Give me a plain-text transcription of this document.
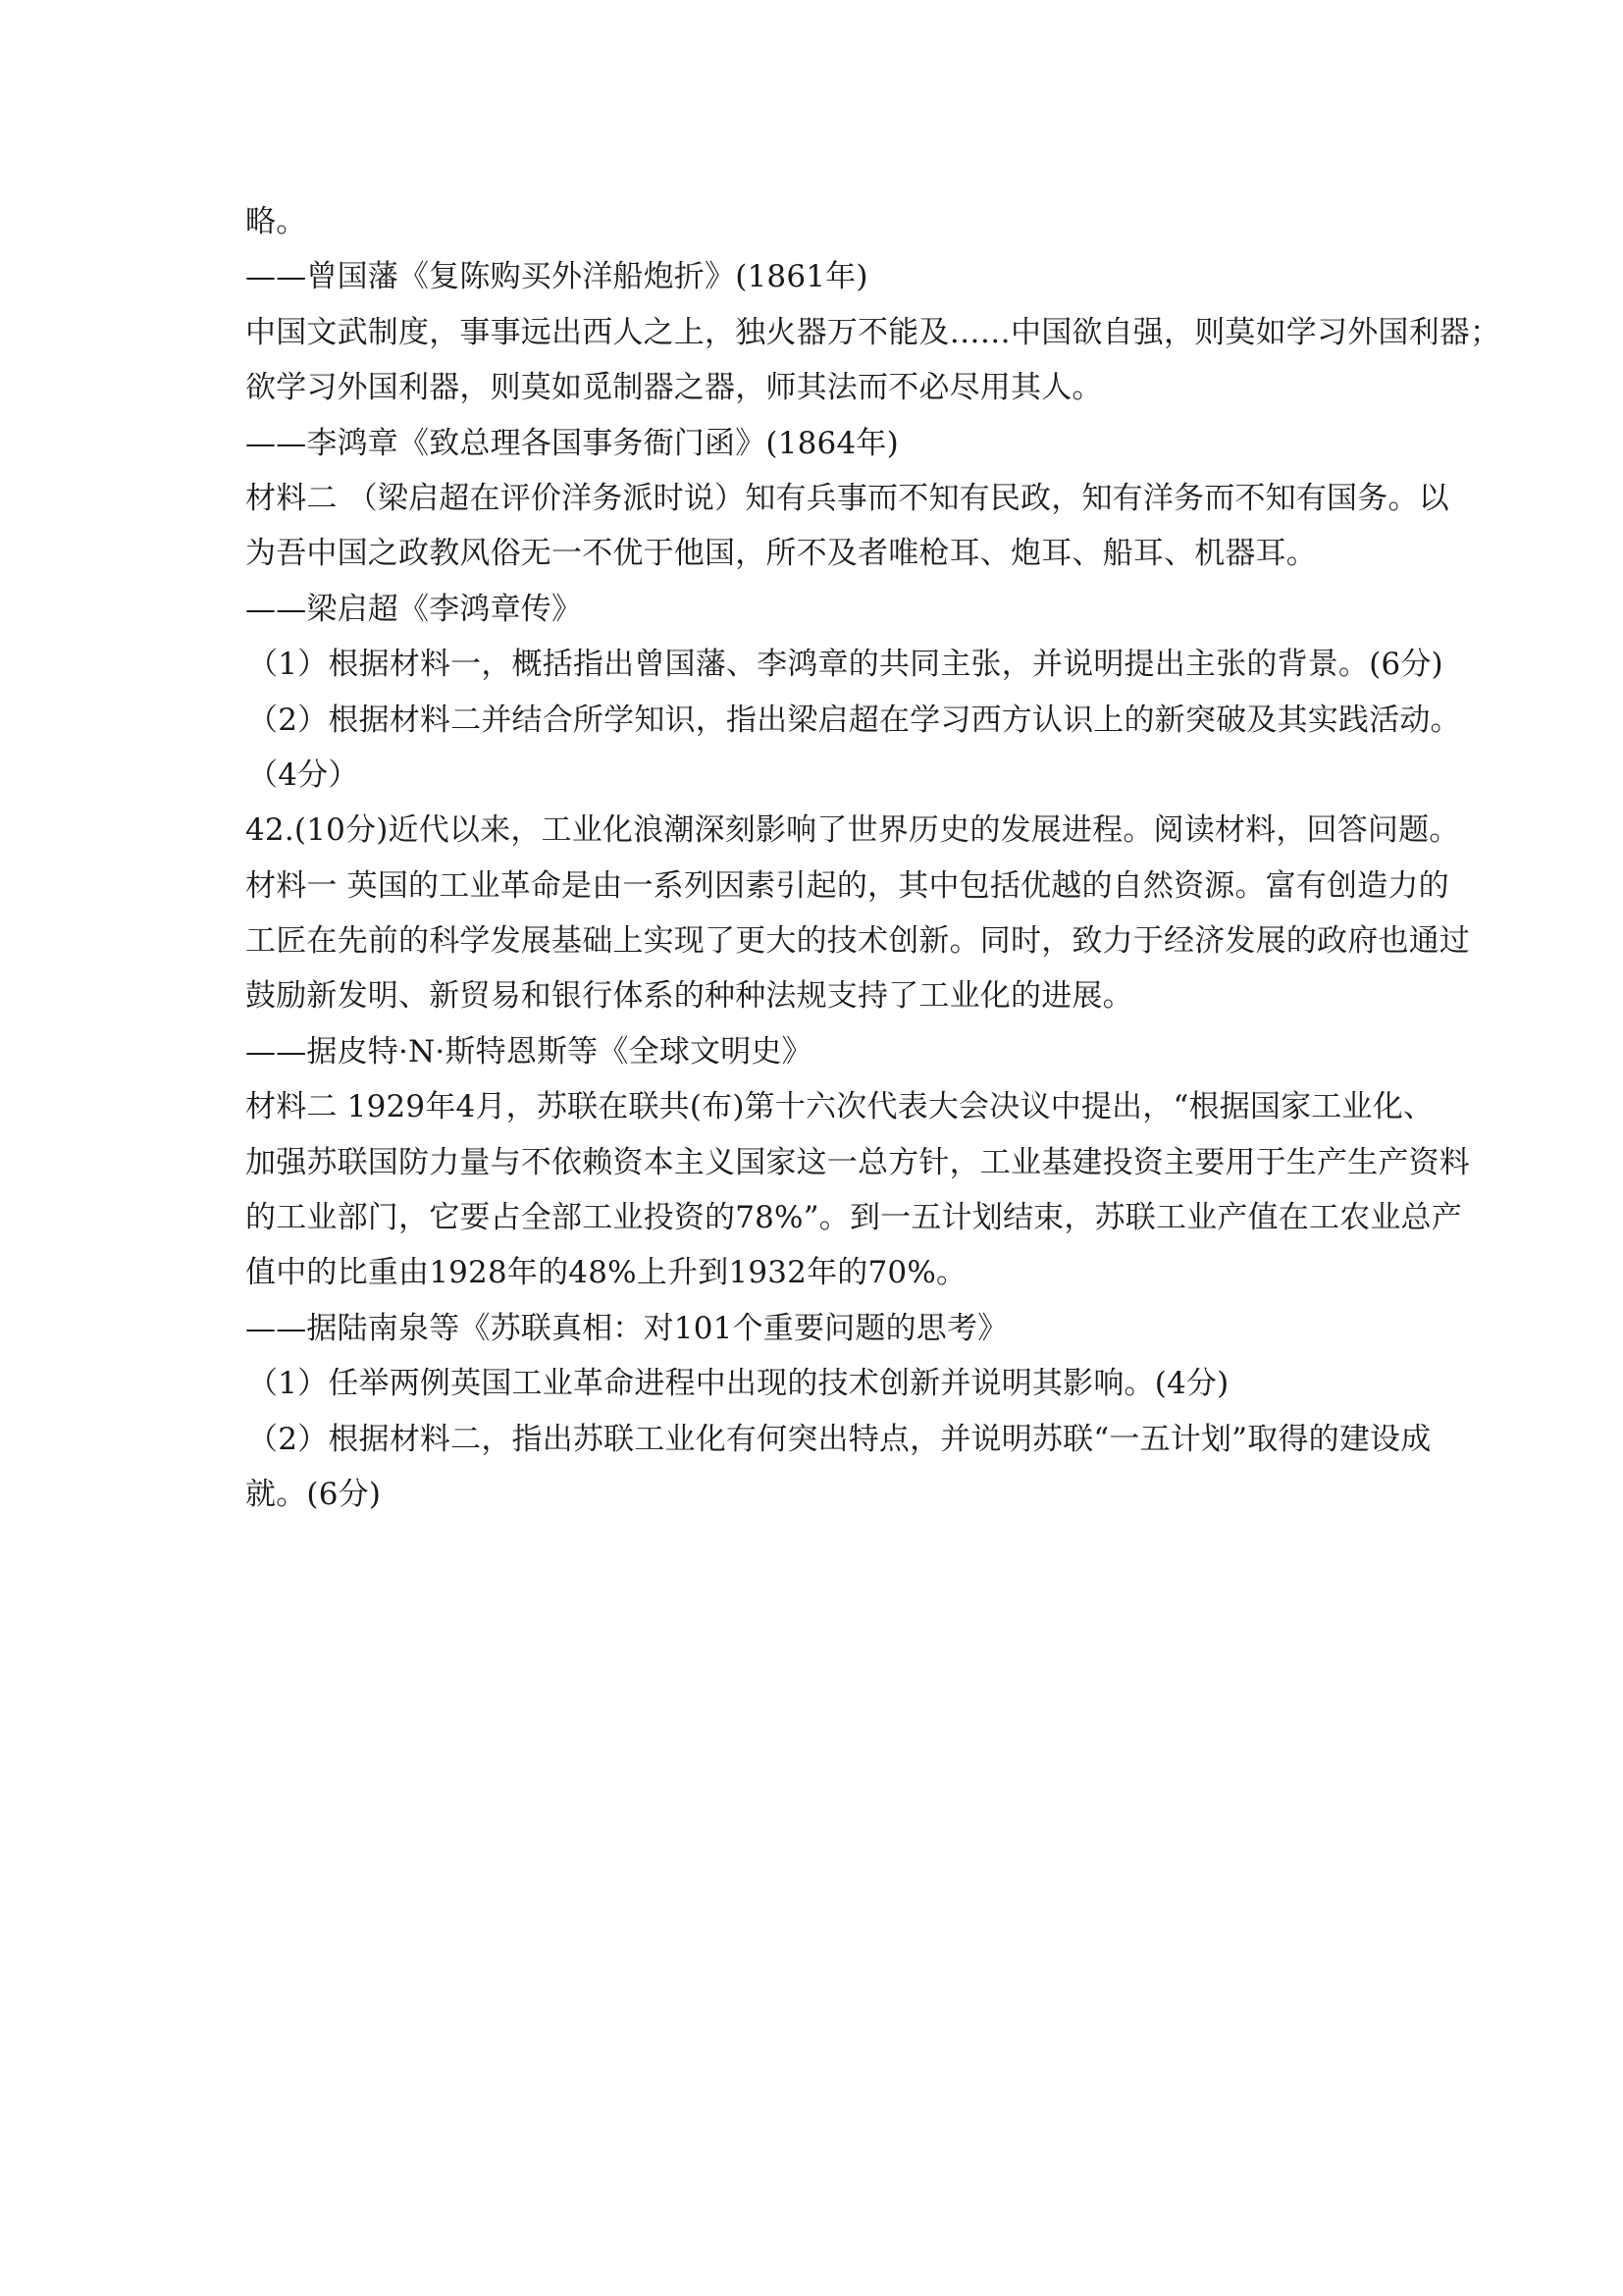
略。
——曾国藩《复陈购买外洋船炮折》(1861年)
中国文武制度，事事远出西人之上，独火器万不能及……中国欲自强，则莫如学习外国利器；
欲学习外国利器，则莫如觅制器之器，师其法而不必尽用其人。
——李鸿章《致总理各国事务衙门函》(1864年)
材料二 （梁启超在评价洋务派时说）知有兵事而不知有民政，知有洋务而不知有国务。以
为吾中国之政教风俗无一不优于他国，所不及者唯枪耳、炮耳、船耳、机器耳。
——梁启超《李鸿章传》
（1）根据材料一，概括指出曾国藩、李鸿章的共同主张，并说明提出主张的背景。(6分)
（2）根据材料二并结合所学知识，指出梁启超在学习西方认识上的新突破及其实践活动。
（4分）
42.(10分)近代以来，工业化浪潮深刻影响了世界历史的发展进程。阅读材料，回答问题。
材料一 英国的工业革命是由一系列因素引起的，其中包括优越的自然资源。富有创造力的
工匠在先前的科学发展基础上实现了更大的技术创新。同时，致力于经济发展的政府也通过
鼓励新发明、新贸易和银行体系的种种法规支持了工业化的进展。
——据皮特·N·斯特恩斯等《全球文明史》
材料二 1929年4月，苏联在联共(布)第十六次代表大会决议中提出，“根据国家工业化、
加强苏联国防力量与不依赖资本主义国家这一总方针，工业基建投资主要用于生产生产资料
的工业部门，它要占全部工业投资的78%”。到一五计划结束，苏联工业产值在工农业总产
值中的比重由1928年的48%上升到1932年的70%。
——据陆南泉等《苏联真相：对101个重要问题的思考》
（1）任举两例英国工业革命进程中出现的技术创新并说明其影响。(4分)
（2）根据材料二，指出苏联工业化有何突出特点，并说明苏联“一五计划”取得的建设成
就。(6分)
